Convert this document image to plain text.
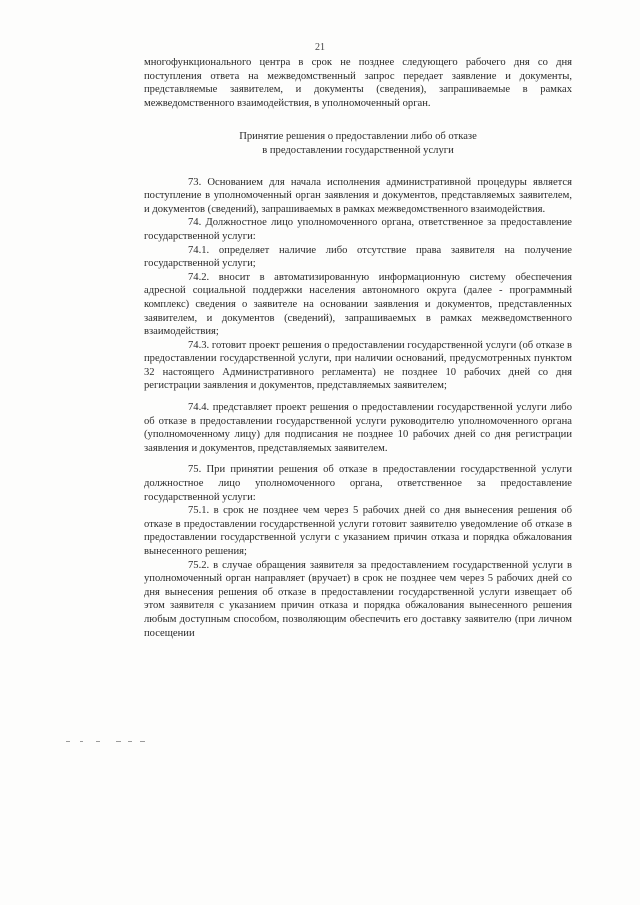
21

многофункционального центра в срок не позднее следующего рабочего дня со дня поступления ответа на межведомственный запрос передает заявление и документы, представляемые заявителем, и документы (сведения), запрашиваемые в рамках межведомственного взаимодействия, в уполномоченный орган.

Принятие решения о предоставлении либо об отказе
в предоставлении государственной услуги

73. Основанием для начала исполнения административной процедуры является поступление в уполномоченный орган заявления и документов, представляемых заявителем, и документов (сведений), запрашиваемых в рамках межведомственного взаимодействия.

74. Должностное лицо уполномоченного органа, ответственное за предоставление государственной услуги:

74.1. определяет наличие либо отсутствие права заявителя на получение государственной услуги;

74.2. вносит в автоматизированную информационную систему обеспечения адресной социальной поддержки населения автономного округа (далее - программный комплекс) сведения о заявителе на основании заявления и документов, представленных заявителем, и документов (сведений), запрашиваемых в рамках межведомственного взаимодействия;

74.3. готовит проект решения о предоставлении государственной услуги (об отказе в предоставлении государственной услуги, при наличии оснований, предусмотренных пунктом 32 настоящего Административного регламента) не позднее 10 рабочих дней со дня регистрации заявления и документов, представляемых заявителем;

74.4. представляет проект решения о предоставлении государственной услуги либо об отказе в предоставлении государственной услуги руководителю уполномоченного органа (уполномоченному лицу) для подписания не позднее 10 рабочих дней со дня регистрации заявления и документов, представляемых заявителем.

75. При принятии решения об отказе в предоставлении государственной услуги должностное лицо уполномоченного органа, ответственное за предоставление государственной услуги:

75.1. в срок не позднее чем через 5 рабочих дней со дня вынесения решения об отказе в предоставлении государственной услуги готовит заявителю уведомление об отказе в предоставлении государственной услуги с указанием причин отказа и порядка обжалования вынесенного решения;

75.2. в случае обращения заявителя за предоставлением государственной услуги в уполномоченный орган направляет (вручает) в срок не позднее чем через 5 рабочих дней со дня вынесения решения об отказе в предоставлении государственной услуги извещает об этом заявителя с указанием причин отказа и порядка обжалования вынесенного решения любым доступным способом, позволяющим обеспечить его доставку заявителю (при личном посещении
